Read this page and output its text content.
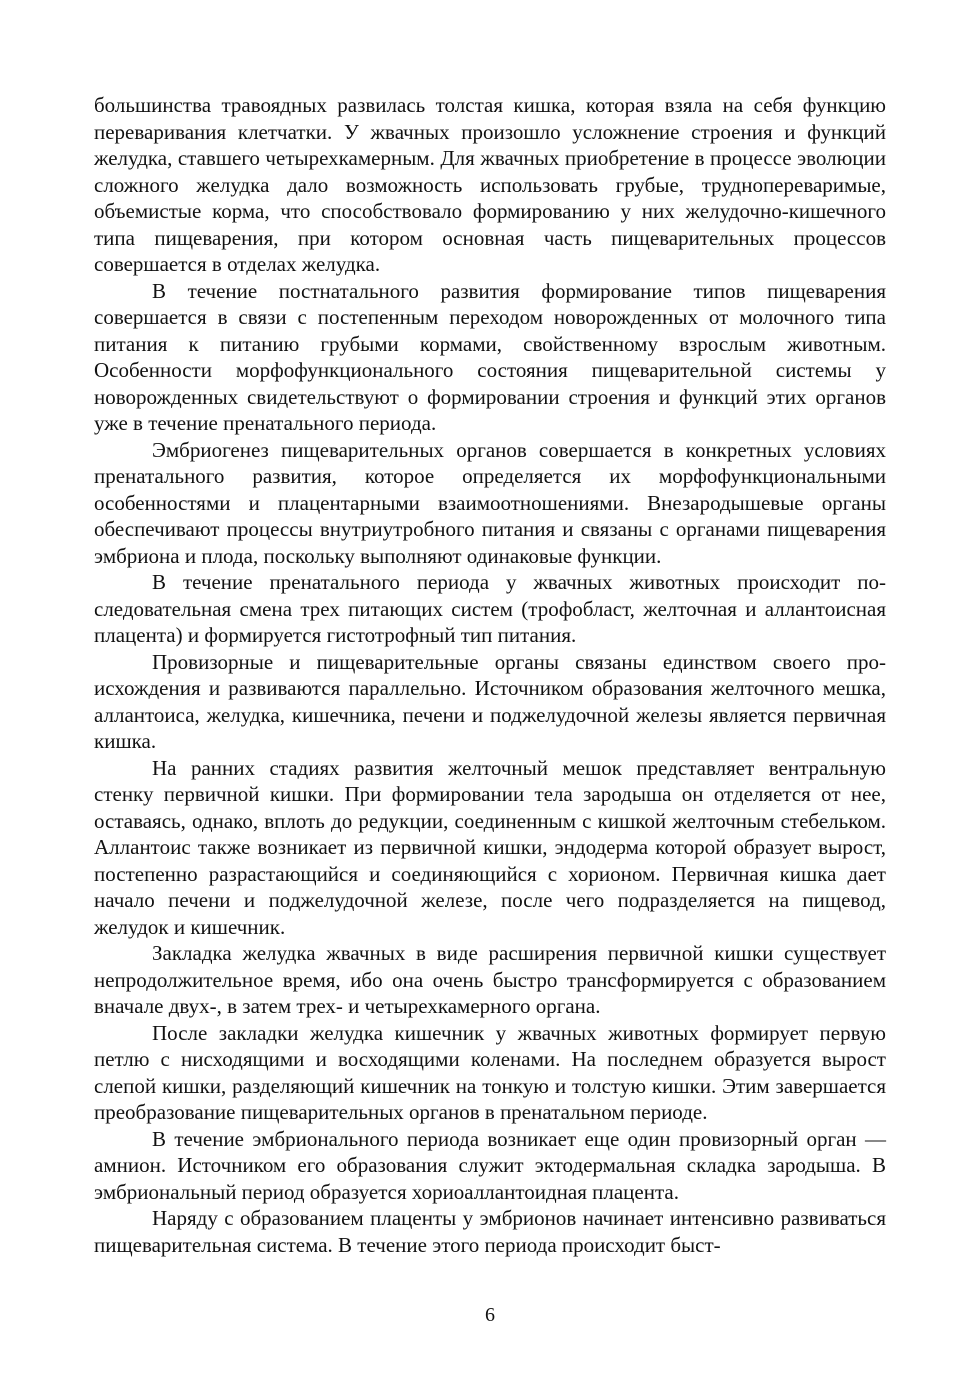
большинства травоядных развилась толстая кишка, которая взяла на себя функцию переваривания клетчатки. У жвачных произошло усложнение строения и функций желудка, ставшего четырехкамерным. Для жвачных приобретение в процессе эволюции сложного желудка дало возможность использовать грубые, труднопереваримые, объемистые корма, что способствовало формированию у них желудочно-кишечного типа пищеварения, при котором основная часть пищеварительных процессов совершается в отделах желудка.

В течение постнатального развития формирование типов пищеварения совершается в связи с постепенным переходом новорожденных от молочного типа питания к питанию грубыми кормами, свойственному взрослым животным. Особенности морфофункционального состояния пищеварительной системы у новорожденных свидетельствуют о формировании строения и функций этих органов уже в течение пренатального периода.

Эмбриогенез пищеварительных органов совершается в конкретных условиях пренатального развития, которое определяется их морфофункциональными особенностями и плацентарными взаимоотношениями. Внезародышевые органы обеспечивают процессы внутриутробного питания и связаны с органами пищеварения эмбриона и плода, поскольку выполняют одинаковые функции.

В течение пренатального периода у жвачных животных происходит последовательная смена трех питающих систем (трофобласт, желточная и аллантоисная плацента) и формируется гистотрофный тип питания.

Провизорные и пищеварительные органы связаны единством своего происхождения и развиваются параллельно. Источником образования желточного мешка, аллантоиса, желудка, кишечника, печени и поджелудочной железы является первичная кишка.

На ранних стадиях развития желточный мешок представляет вентральную стенку первичной кишки. При формировании тела зародыша он отделяется от нее, оставаясь, однако, вплоть до редукции, соединенным с кишкой желточным стебельком. Аллантоис также возникает из первичной кишки, эндодерма которой образует вырост, постепенно разрастающийся и соединяющийся с хорионом. Первичная кишка дает начало печени и поджелудочной железе, после чего подразделяется на пищевод, желудок и кишечник.

Закладка желудка жвачных в виде расширения первичной кишки существует непродолжительное время, ибо она очень быстро трансформируется с образованием вначале двух-, в затем трех- и четырехкамерного органа.

После закладки желудка кишечник у жвачных животных формирует первую петлю с нисходящими и восходящими коленами. На последнем образуется вырост слепой кишки, разделяющий кишечник на тонкую и толстую кишки. Этим завершается преобразование пищеварительных органов в пренатальном периоде.

В течение эмбрионального периода возникает еще один провизорный орган — амнион. Источником его образования служит эктодермальная складка зародыша. В эмбриональный период образуется хориоаллантоидная плацента.

Наряду с образованием плаценты у эмбрионов начинает интенсивно развиваться пищеварительная система. В течение этого периода происходит быст-

6
